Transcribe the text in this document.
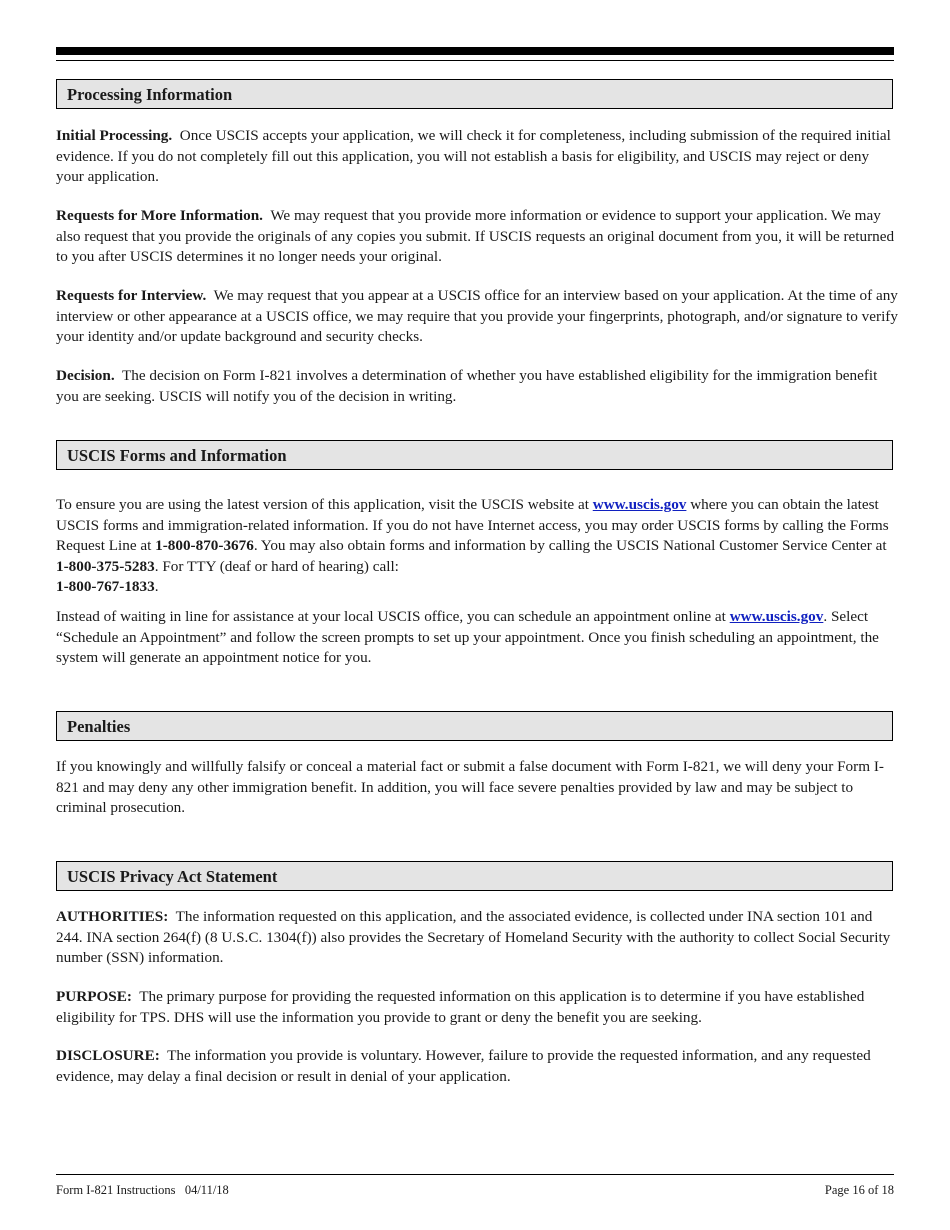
Processing Information

Initial Processing. Once USCIS accepts your application, we will check it for completeness, including submission of the required initial evidence. If you do not completely fill out this application, you will not establish a basis for eligibility, and USCIS may reject or deny your application.

Requests for More Information. We may request that you provide more information or evidence to support your application. We may also request that you provide the originals of any copies you submit. If USCIS requests an original document from you, it will be returned to you after USCIS determines it no longer needs your original.

Requests for Interview. We may request that you appear at a USCIS office for an interview based on your application. At the time of any interview or other appearance at a USCIS office, we may require that you provide your fingerprints, photograph, and/or signature to verify your identity and/or update background and security checks.

Decision. The decision on Form I-821 involves a determination of whether you have established eligibility for the immigration benefit you are seeking. USCIS will notify you of the decision in writing.

USCIS Forms and Information

To ensure you are using the latest version of this application, visit the USCIS website at www.uscis.gov where you can obtain the latest USCIS forms and immigration-related information. If you do not have Internet access, you may order USCIS forms by calling the Forms Request Line at 1-800-870-3676. You may also obtain forms and information by calling the USCIS National Customer Service Center at 1-800-375-5283. For TTY (deaf or hard of hearing) call:
1-800-767-1833.

Instead of waiting in line for assistance at your local USCIS office, you can schedule an appointment online at www.uscis.gov. Select “Schedule an Appointment” and follow the screen prompts to set up your appointment. Once you finish scheduling an appointment, the system will generate an appointment notice for you.

Penalties

If you knowingly and willfully falsify or conceal a material fact or submit a false document with Form I-821, we will deny your Form I-821 and may deny any other immigration benefit. In addition, you will face severe penalties provided by law and may be subject to criminal prosecution.

USCIS Privacy Act Statement

AUTHORITIES: The information requested on this application, and the associated evidence, is collected under INA section 101 and 244. INA section 264(f) (8 U.S.C. 1304(f)) also provides the Secretary of Homeland Security with the authority to collect Social Security number (SSN) information.

PURPOSE: The primary purpose for providing the requested information on this application is to determine if you have established eligibility for TPS. DHS will use the information you provide to grant or deny the benefit you are seeking.

DISCLOSURE: The information you provide is voluntary. However, failure to provide the requested information, and any requested evidence, may delay a final decision or result in denial of your application.

Form I-821 Instructions 04/11/18	Page 16 of 18
